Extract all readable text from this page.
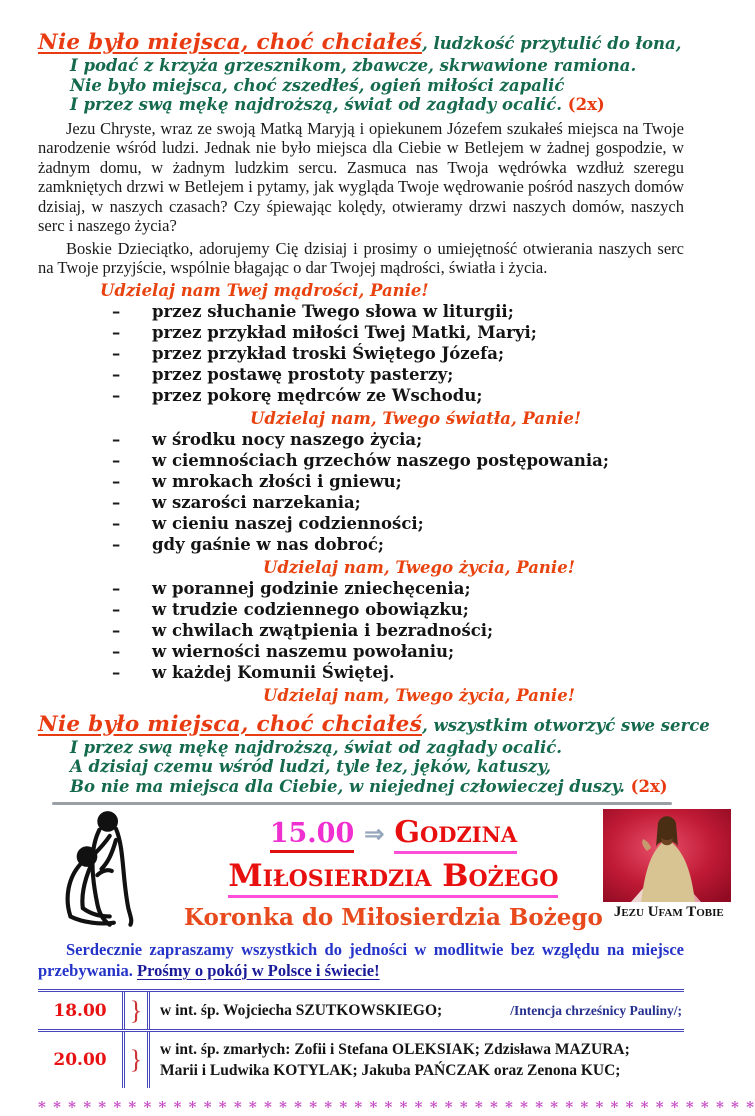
Nie było miejsca, choć chciałeś, ludzkość przytulić do łona,
I podać z krzyża grzesznikom, zbawcze, skrwawione ramiona.
Nie było miejsca, choć zszedłeś, ogień miłości zapalić
I przez swą mękę najdroższą, świat od zagłady ocalić. (2x)

Jezu Chryste, wraz ze swoją Matką Maryją i opiekunem Józefem szukałeś miejsca na Twoje narodzenie wśród ludzi. Jednak nie było miejsca dla Ciebie w Betlejem w żadnej gospodzie, w żadnym domu, w żadnym ludzkim sercu. Zasmuca nas Twoja wędrówka wzdłuż szeregu zamkniętych drzwi w Betlejem i pytamy, jak wygląda Twoje wędrowanie pośród naszych domów dzisiaj, w naszych czasach? Czy śpiewając kolędy, otwieramy drzwi naszych domów, naszych serc i naszego życia?

Boskie Dzieciątko, adorujemy Cię dzisiaj i prosimy o umiejętność otwierania naszych serc na Twoje przyjście, wspólnie błagając o dar Twojej mądrości, światła i życia.

Udzielaj nam Twej mądrości, Panie!
–	przez słuchanie Twego słowa w liturgii;
–	przez przykład miłości Twej Matki, Maryi;
–	przez przykład troski Świętego Józefa;
–	przez postawę prostoty pasterzy;
–	przez pokorę mędrców ze Wschodu;
Udzielaj nam, Twego światła, Panie!
–	w środku nocy naszego życia;
–	w ciemnościach grzechów naszego postępowania;
–	w mrokach złości i gniewu;
–	w szarości narzekania;
–	w cieniu naszej codzienności;
–	gdy gaśnie w nas dobroć;
Udzielaj nam, Twego życia, Panie!
–	w porannej godzinie zniechęcenia;
–	w trudzie codziennego obowiązku;
–	w chwilach zwątpienia i bezradności;
–	w wierności naszemu powołaniu;
–	w każdej Komunii Świętej.
Udzielaj nam, Twego życia, Panie!
Nie było miejsca, choć chciałeś, wszystkim otworzyć swe serce
I przez swą mękę najdroższą, świat od zagłady ocalić.
A dzisiaj czemu wśród ludzi, tyle łez, jęków, katuszy,
Bo nie ma miejsca dla Ciebie, w niejednej człowieczej duszy. (2x)
15.00 ⇒ Godzina
Miłosierdzia Bożego
Koronka do Miłosierdzia Bożego Jezu Ufam Tobie

Serdecznie zapraszamy wszystkich do jedności w modlitwie bez względu na miejsce przebywania. Prośmy o pokój w Polsce i świecie!

18.00 }	w int. śp. Wojciecha SZUTKOWSKIEGO;	/Intencja chrześnicy Pauliny/;
20.00 }	w int. śp. zmarłych: Zofii i Stefana OLEKSIAK; Zdzisława MAZURA;
Marii i Ludwika KOTYLAK; Jakuba PAŃCZAK oraz Zenona KUC;
* * * * * * * * * * * * * * * * * * * * * * * * * * * * * * * * * * * * * * * * * * * * * * * *
